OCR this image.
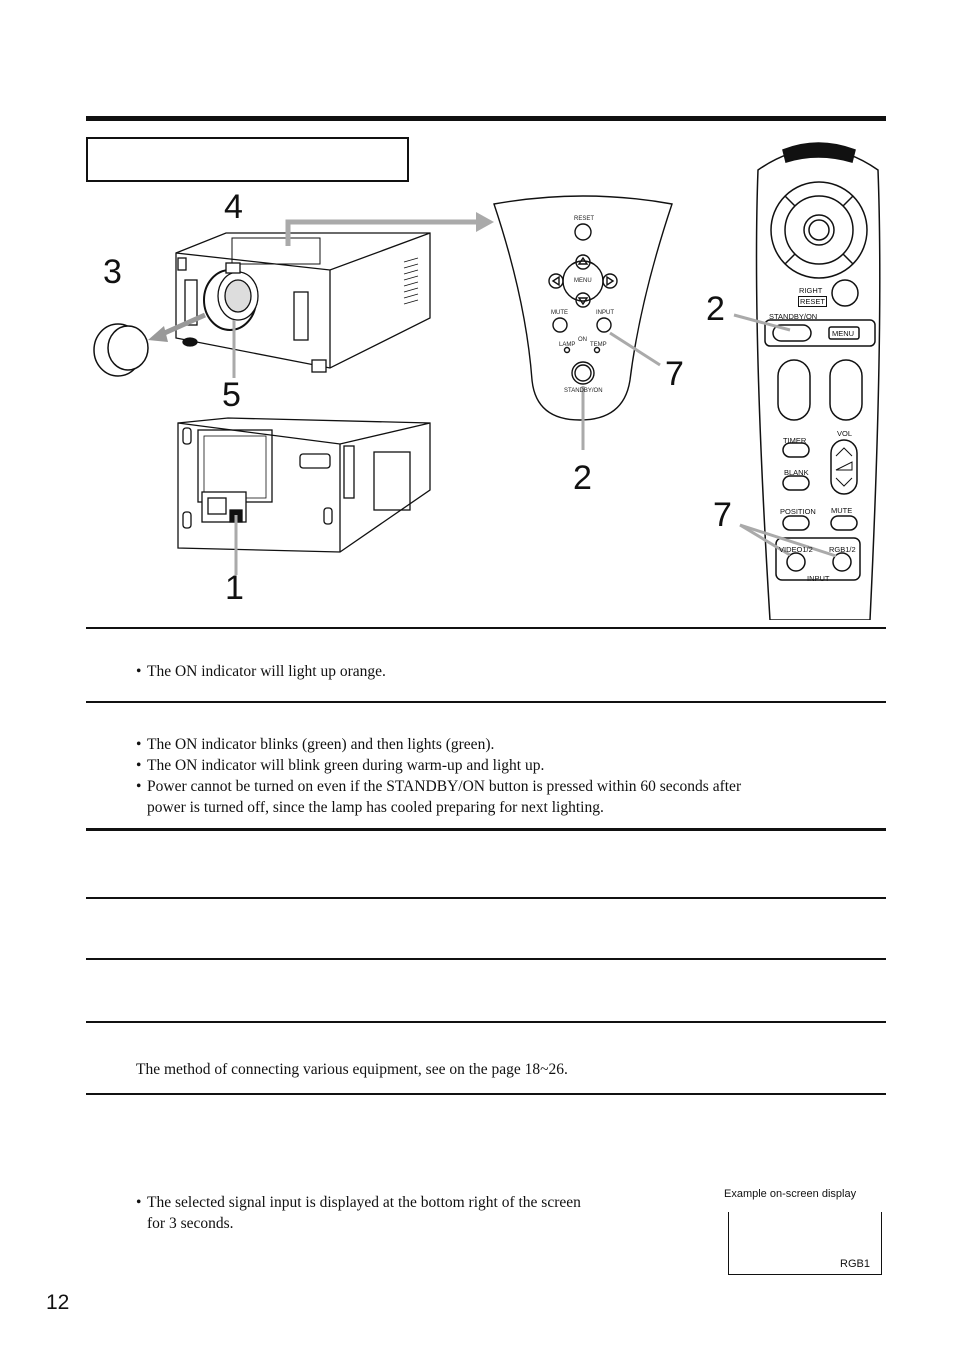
4
3
5
1
2
7
2
7
RESET
MENU
MUTE	INPUT
ON
LAMP TEMP
STANDBY/ON
RIGHT
RESET
STANDBY/ON
MENU
TIMER
VOL
BLANK
POSITION MUTE
VIDEO1/2 RGB1/2
INPUT
• The ON indicator will light up orange.
• The ON indicator blinks (green) and then lights (green).
• The ON indicator will blink green during warm-up and light up.
• Power cannot be turned on even if the STANDBY/ON button is pressed within 60 seconds after
power is turned off, since the lamp has cooled preparing for next lighting.
The method of connecting various equipment, see on the page 18~26.
• The selected signal input is displayed at the bottom right of the screen
for 3 seconds.
Example on-screen display
RGB1
12
